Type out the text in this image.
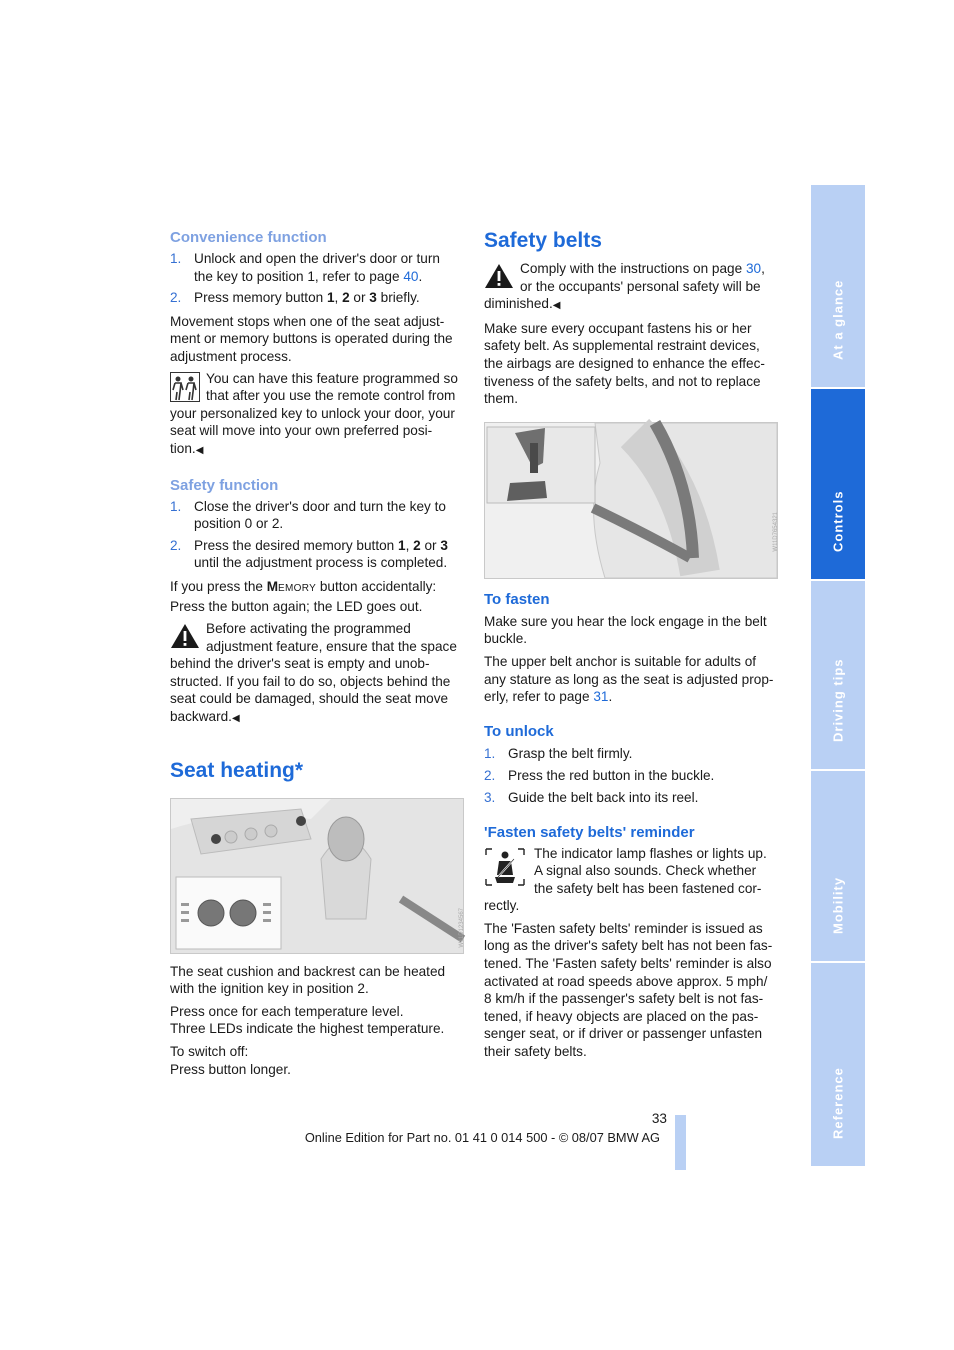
Convenience function
1. Unlock and open the driver's door or turn the key to position 1, refer to page 40.
2. Press memory button 1, 2 or 3 briefly.

Movement stops when one of the seat adjust-ment or memory buttons is operated during the adjustment process.

You can have this feature programmed so that after you use the remote control from your personalized key to unlock your door, your seat will move into your own preferred posi-tion.◀
Safety function
1. Close the driver's door and turn the key to position 0 or 2.
2. Press the desired memory button 1, 2 or 3 until the adjustment process is completed.

If you press the MEMORY button accidentally: Press the button again; the LED goes out.

Before activating the programmed adjustment feature, ensure that the space behind the driver's seat is empty and unob-structed. If you fail to do so, objects behind the seat could be damaged, should the seat move backward.◀
Seat heating*
W11D1234567

The seat cushion and backrest can be heated with the ignition key in position 2.

Press once for each temperature level.
Three LEDs indicate the highest temperature.

To switch off:
Press button longer.

Safety belts
Comply with the instructions on page 30, or the occupants' personal safety will be diminished.◀

Make sure every occupant fastens his or her safety belt. As supplemental restraint devices, the airbags are designed to enhance the effec-tiveness of the safety belts, and not to replace them.

W11D7654321
To fasten

Make sure you hear the lock engage in the belt buckle.

The upper belt anchor is suitable for adults of any stature as long as the seat is adjusted prop-erly, refer to page 31.

To unlock
1. Grasp the belt firmly.
2. Press the red button in the buckle.
3. Guide the belt back into its reel.
'Fasten safety belts' reminder
The indicator lamp flashes or lights up. A signal also sounds. Check whether the safety belt has been fastened cor-rectly.

The 'Fasten safety belts' reminder is issued as long as the driver's safety belt has not been fas-tened. The 'Fasten safety belts' reminder is also activated at road speeds above approx. 5 mph/ 8 km/h if the passenger's safety belt is not fas-tened, if heavy objects are placed on the pas-senger seat, or if driver or passenger unfasten their safety belts.

At a glance
Controls
Driving tips
Mobility
Reference
33
Online Edition for Part no. 01 41 0 014 500 - © 08/07 BMW AG
